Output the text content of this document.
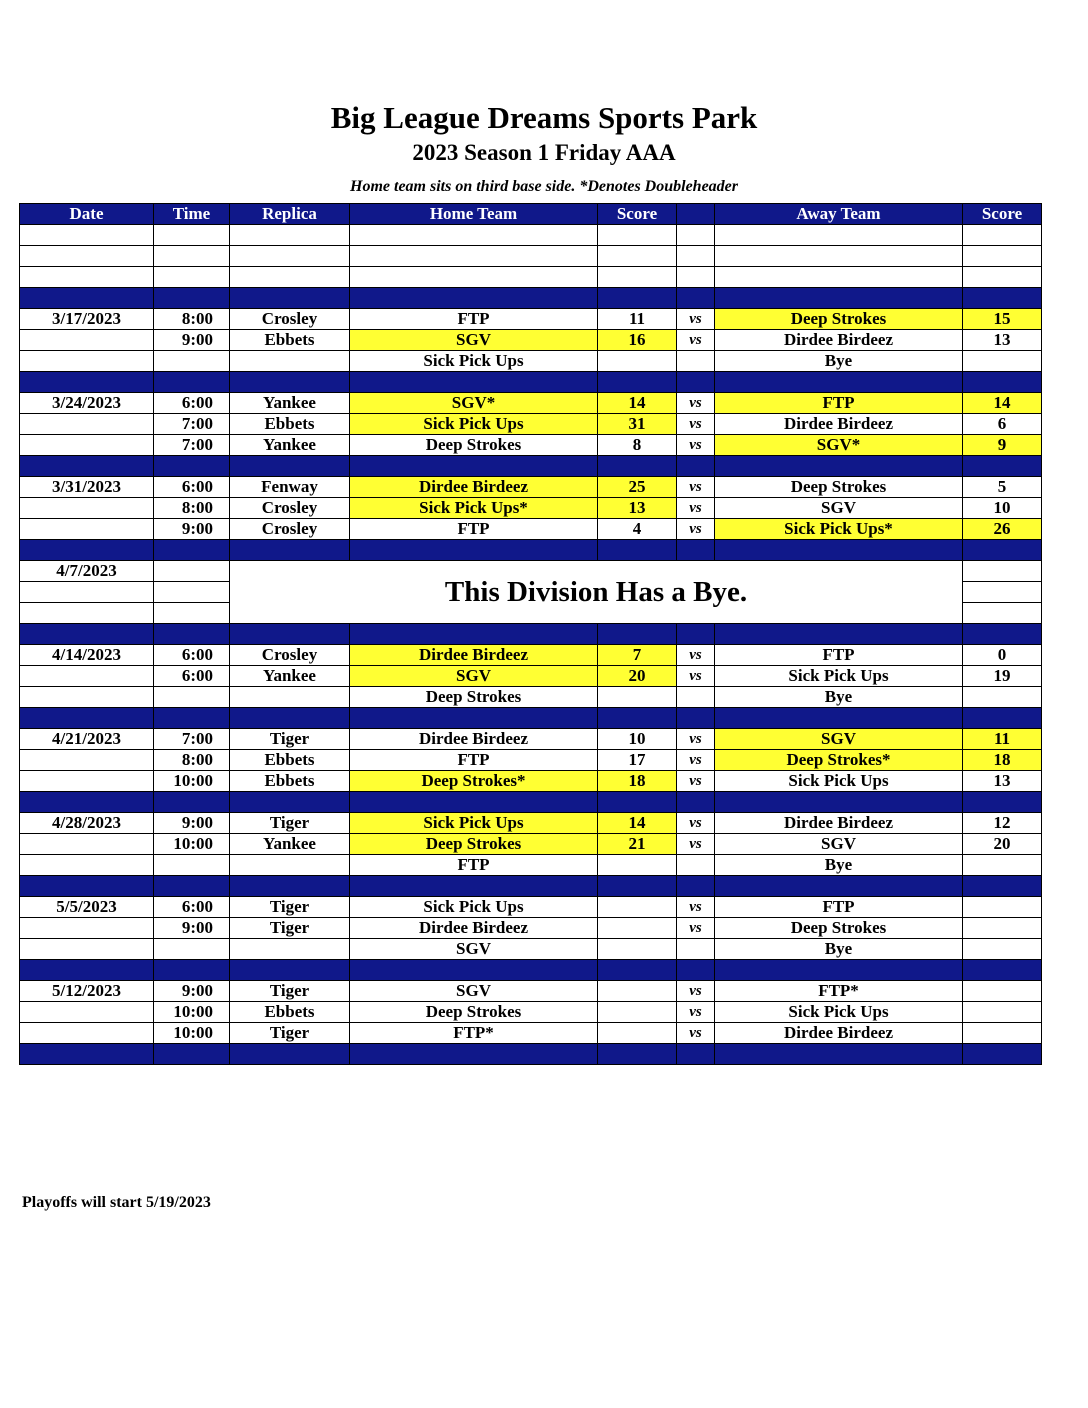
Big League Dreams Sports Park
2023 Season 1 Friday AAA
Home team sits on third base side. *Denotes Doubleheader
Date	Time	Replica	Home Team	Score		Away Team	Score

3/17/2023	8:00	Crosley	FTP	11	vs	Deep Strokes	15
	9:00	Ebbets	SGV	16	vs	Dirdee Birdeez	13
			Sick Pick Ups			Bye	

3/24/2023	6:00	Yankee	SGV*	14	vs	FTP	14
	7:00	Ebbets	Sick Pick Ups	31	vs	Dirdee Birdeez	6
	7:00	Yankee	Deep Strokes	8	vs	SGV*	9

3/31/2023	6:00	Fenway	Dirdee Birdeez	25	vs	Deep Strokes	5
	8:00	Crosley	Sick Pick Ups*	13	vs	SGV	10
	9:00	Crosley	FTP	4	vs	Sick Pick Ups*	26

4/7/2023		This Division Has a Bye.					

4/14/2023	6:00	Crosley	Dirdee Birdeez	7	vs	FTP	0
	6:00	Yankee	SGV	20	vs	Sick Pick Ups	19
			Deep Strokes			Bye	

4/21/2023	7:00	Tiger	Dirdee Birdeez	10	vs	SGV	11
	8:00	Ebbets	FTP	17	vs	Deep Strokes*	18
	10:00	Ebbets	Deep Strokes*	18	vs	Sick Pick Ups	13

4/28/2023	9:00	Tiger	Sick Pick Ups	14	vs	Dirdee Birdeez	12
	10:00	Yankee	Deep Strokes	21	vs	SGV	20
			FTP			Bye	

5/5/2023	6:00	Tiger	Sick Pick Ups		vs	FTP	
	9:00	Tiger	Dirdee Birdeez		vs	Deep Strokes	
			SGV			Bye	

5/12/2023	9:00	Tiger	SGV		vs	FTP*	
	10:00	Ebbets	Deep Strokes		vs	Sick Pick Ups	
	10:00	Tiger	FTP*		vs	Dirdee Birdeez	

Playoffs will start 5/19/2023
